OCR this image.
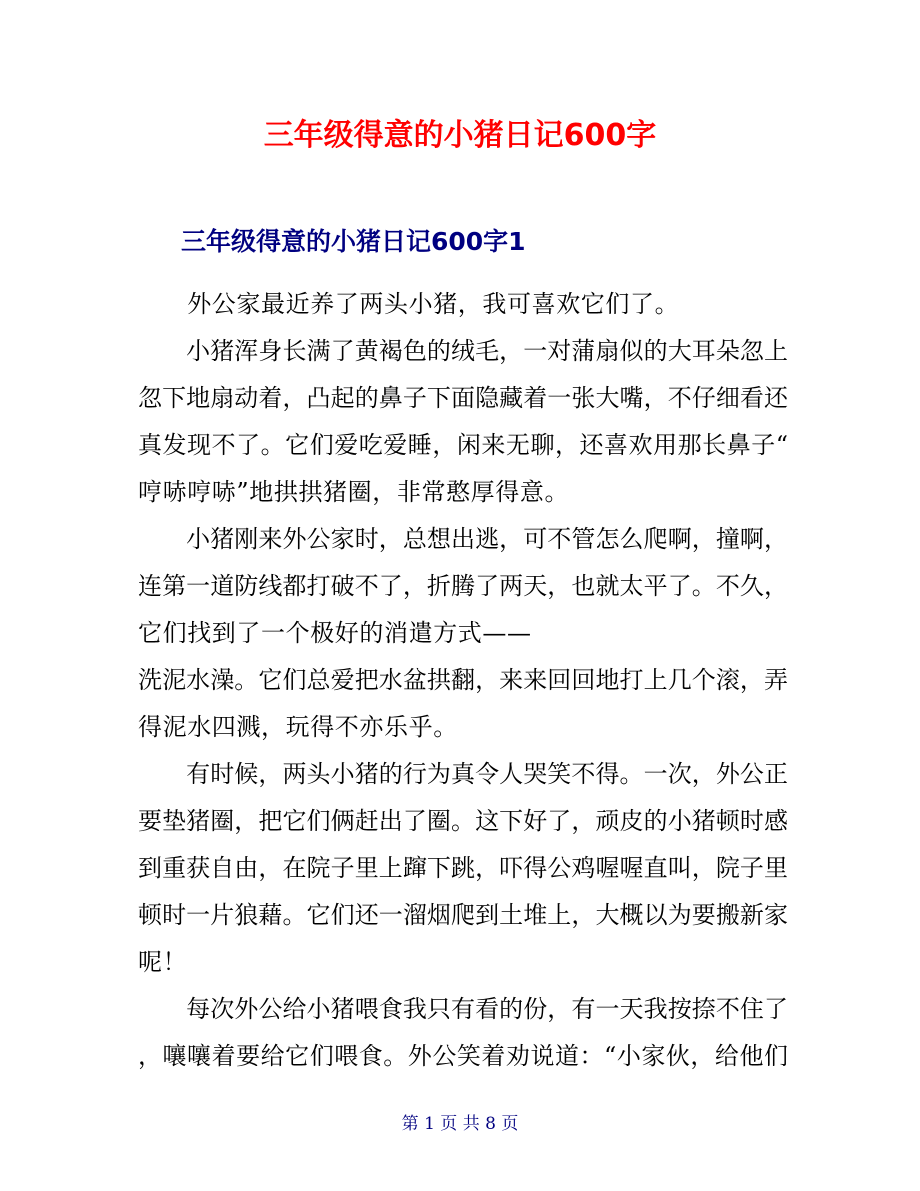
三年级得意的小猪日记600字
三年级得意的小猪日记600字1
　　外公家最近养了两头小猪，我可喜欢它们了。
　　小猪浑身长满了黄褐色的绒毛，一对蒲扇似的大耳朵忽上
忽下地扇动着，凸起的鼻子下面隐藏着一张大嘴，不仔细看还
真发现不了。它们爱吃爱睡，闲来无聊，还喜欢用那长鼻子“
哼哧哼哧”地拱拱猪圈，非常憨厚得意。
　　小猪刚来外公家时，总想出逃，可不管怎么爬啊，撞啊，
连第一道防线都打破不了，折腾了两天，也就太平了。不久，
它们找到了一个极好的消遣方式——
洗泥水澡。它们总爱把水盆拱翻，来来回回地打上几个滚，弄
得泥水四溅，玩得不亦乐乎。
　　有时候，两头小猪的行为真令人哭笑不得。一次，外公正
要垫猪圈，把它们俩赶出了圈。这下好了，顽皮的小猪顿时感
到重获自由，在院子里上蹿下跳，吓得公鸡喔喔直叫，院子里
顿时一片狼藉。它们还一溜烟爬到土堆上，大概以为要搬新家
呢！
　　每次外公给小猪喂食我只有看的份，有一天我按捺不住了
，嚷嚷着要给它们喂食。外公笑着劝说道：“小家伙，给他们
第 1 页 共 8 页
